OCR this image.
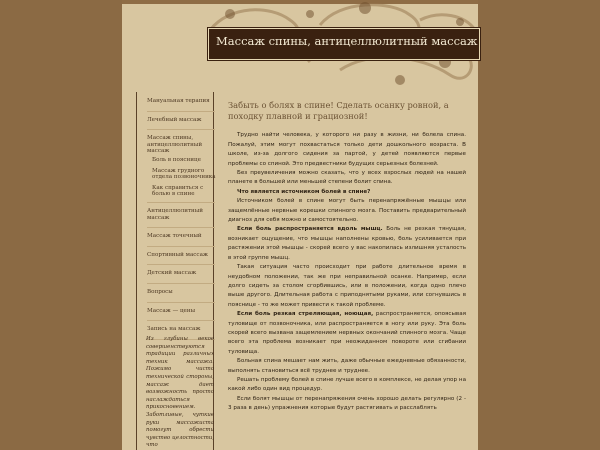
Массаж спины, антицеллюлитный массаж
Мануальная терапия
Лечебный массаж
Массаж спины, антицеллюлитный массаж
Боль в пояснице
Массаж грудного отдела позвоночника
Как справиться с болью в спине
Антицеллюлитный массаж
Массаж точечный
Спортивный массаж
Детский массаж
Вопросы
Массаж — цены
Запись на массаж
Из глубины веков совершенствуются традиции различных техник массажа. Пожимо чисто технической стороны, массаж дает возможность просто наслаждаться прикосновением. Заботливые, чуткие руки массажиста помогут обрести чувство целостности, что
Забыть о болях в спине! Сделать осанку ровной, а походку плавной и грациозной!

Трудно найти человека, у которого ни разу в жизни, ни болела спина. Пожалуй, этим могут похвастаться только дети дошкольного возраста. В школе, из-за долгого сидения за партой, у детей появляются первые проблемы со спиной. Это предвестники будущих серьезных болезней.

Без преувеличения можно сказать, что у всех взрослых людей на нашей планете в большей или меньшей степени болит спина.

Что является источником болей в спине?

Источником болей в спине могут быть перенапряжённые мышцы или защемлённые нервные корешки спинного мозга. Поставить предварительный диагноз для себя можно и самостоятельно.

Если боль распространяется вдоль мышц. Боль не резкая тянущая, возникает ощущение, что мышцы наполнены кровью, боль усиливается при растяжении этой мышцы - скорей всего у вас накопилась излишняя усталость в этой группе мышц.

Такая ситуация часто происходит при работе длительное время в неудобном положении, так же при неправильной осанке. Например, если долго сидеть за столом сгорбившись, или в положении, когда одно плечо выше другого. Длительная работа с приподнятыми руками, или согнувшись в пояснице - то же может привести к такой проблеме.

Если боль резкая стреляющая, ноющая, распространяется, опоясывая туловище от позвоночника, или распространяется в ногу или руку. Эта боль скорей всего вызвана защемлением нервных окончаний спинного мозга. Чаще всего эта проблема возникает при неожиданном повороте или сгибании туловища.

Больная спина мешает нам жить, даже обычные ежедневные обязанности, выполнять становиться всё труднее и труднее.

Решать проблему болей в спине лучше всего в комплексе, не делая упор на какой либо один вид процедур.

Если болят мышцы от перенапряжения очень хорошо делать регулярно (2 - 3 раза в день) упражнения которые будут растягивать и расслаблять
